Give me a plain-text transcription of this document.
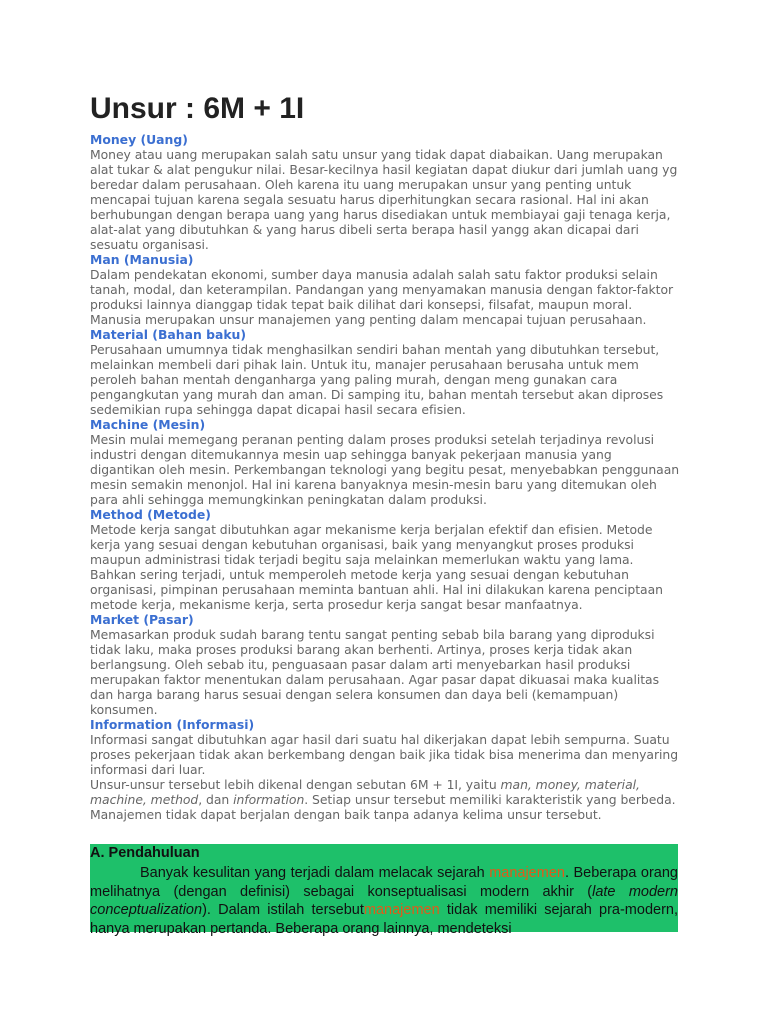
Unsur : 6M + 1I
Money (Uang)

Money atau uang merupakan salah satu unsur yang tidak dapat diabaikan. Uang merupakan alat tukar & alat pengukur nilai. Besar-kecilnya hasil kegiatan dapat diukur dari jumlah uang yg beredar dalam perusahaan. Oleh karena itu uang merupakan unsur yang penting untuk mencapai tujuan karena segala sesuatu harus diperhitungkan secara rasional. Hal ini akan berhubungan dengan berapa uang yang harus disediakan untuk membiayai gaji tenaga kerja, alat-alat yang dibutuhkan & yang harus dibeli serta berapa hasil yangg akan dicapai dari sesuatu organisasi.

Man (Manusia)

Dalam pendekatan ekonomi, sumber daya manusia adalah salah satu faktor produksi selain tanah, modal, dan keterampilan. Pandangan yang menyamakan manusia dengan faktor-faktor produksi lainnya dianggap tidak tepat baik dilihat dari konsepsi, filsafat, maupun moral. Manusia merupakan unsur manajemen yang penting dalam mencapai tujuan perusahaan.

Material (Bahan baku)

Perusahaan umumnya tidak menghasilkan sendiri bahan mentah yang dibutuhkan tersebut, melainkan membeli dari pihak lain. Untuk itu, manajer perusahaan berusaha untuk mem peroleh bahan mentah denganharga yang paling murah, dengan meng gunakan cara pengangkutan yang murah dan aman. Di samping itu, bahan mentah tersebut akan diproses sedemikian rupa sehingga dapat dicapai hasil secara efisien.

Machine (Mesin)

Mesin mulai memegang peranan penting dalam proses produksi setelah terjadinya revolusi industri dengan ditemukannya mesin uap sehingga banyak pekerjaan manusia yang digantikan oleh mesin. Perkembangan teknologi yang begitu pesat, menyebabkan penggunaan mesin semakin menonjol. Hal ini karena banyaknya mesin-mesin baru yang ditemukan oleh para ahli sehingga memungkinkan peningkatan dalam produksi.

Method (Metode)

Metode kerja sangat dibutuhkan agar mekanisme kerja berjalan efektif dan efisien. Metode kerja yang sesuai dengan kebutuhan organisasi, baik yang menyangkut proses produksi maupun administrasi tidak terjadi begitu saja melainkan memerlukan waktu yang lama. Bahkan sering terjadi, untuk memperoleh metode kerja yang sesuai dengan kebutuhan organisasi, pimpinan perusahaan meminta bantuan ahli. Hal ini dilakukan karena penciptaan metode kerja, mekanisme kerja, serta prosedur kerja sangat besar manfaatnya.

Market (Pasar)

Memasarkan produk sudah barang tentu sangat penting sebab bila barang yang diproduksi tidak laku, maka proses produksi barang akan berhenti. Artinya, proses kerja tidak akan berlangsung. Oleh sebab itu, penguasaan pasar dalam arti menyebarkan hasil produksi merupakan faktor menentukan dalam perusahaan. Agar pasar dapat dikuasai maka kualitas dan harga barang harus sesuai dengan selera konsumen dan daya beli (kemampuan) konsumen.

Information (Informasi)

Informasi sangat dibutuhkan agar hasil dari suatu hal dikerjakan dapat lebih sempurna. Suatu proses pekerjaan tidak akan berkembang dengan baik jika tidak bisa menerima dan menyaring informasi dari luar.

Unsur-unsur tersebut lebih dikenal dengan sebutan 6M + 1I, yaitu man, money, material, machine, method, dan information. Setiap unsur tersebut memiliki karakteristik yang berbeda. Manajemen tidak dapat berjalan dengan baik tanpa adanya kelima unsur tersebut.

A. Pendahuluan

Banyak kesulitan yang terjadi dalam melacak sejarah manajemen. Beberapa orang melihatnya (dengan definisi) sebagai konseptualisasi modern akhir (late modern conceptualization). Dalam istilah tersebutmanajemen tidak memiliki sejarah pra-modern, hanya merupakan pertanda. Beberapa orang lainnya, mendeteksi
